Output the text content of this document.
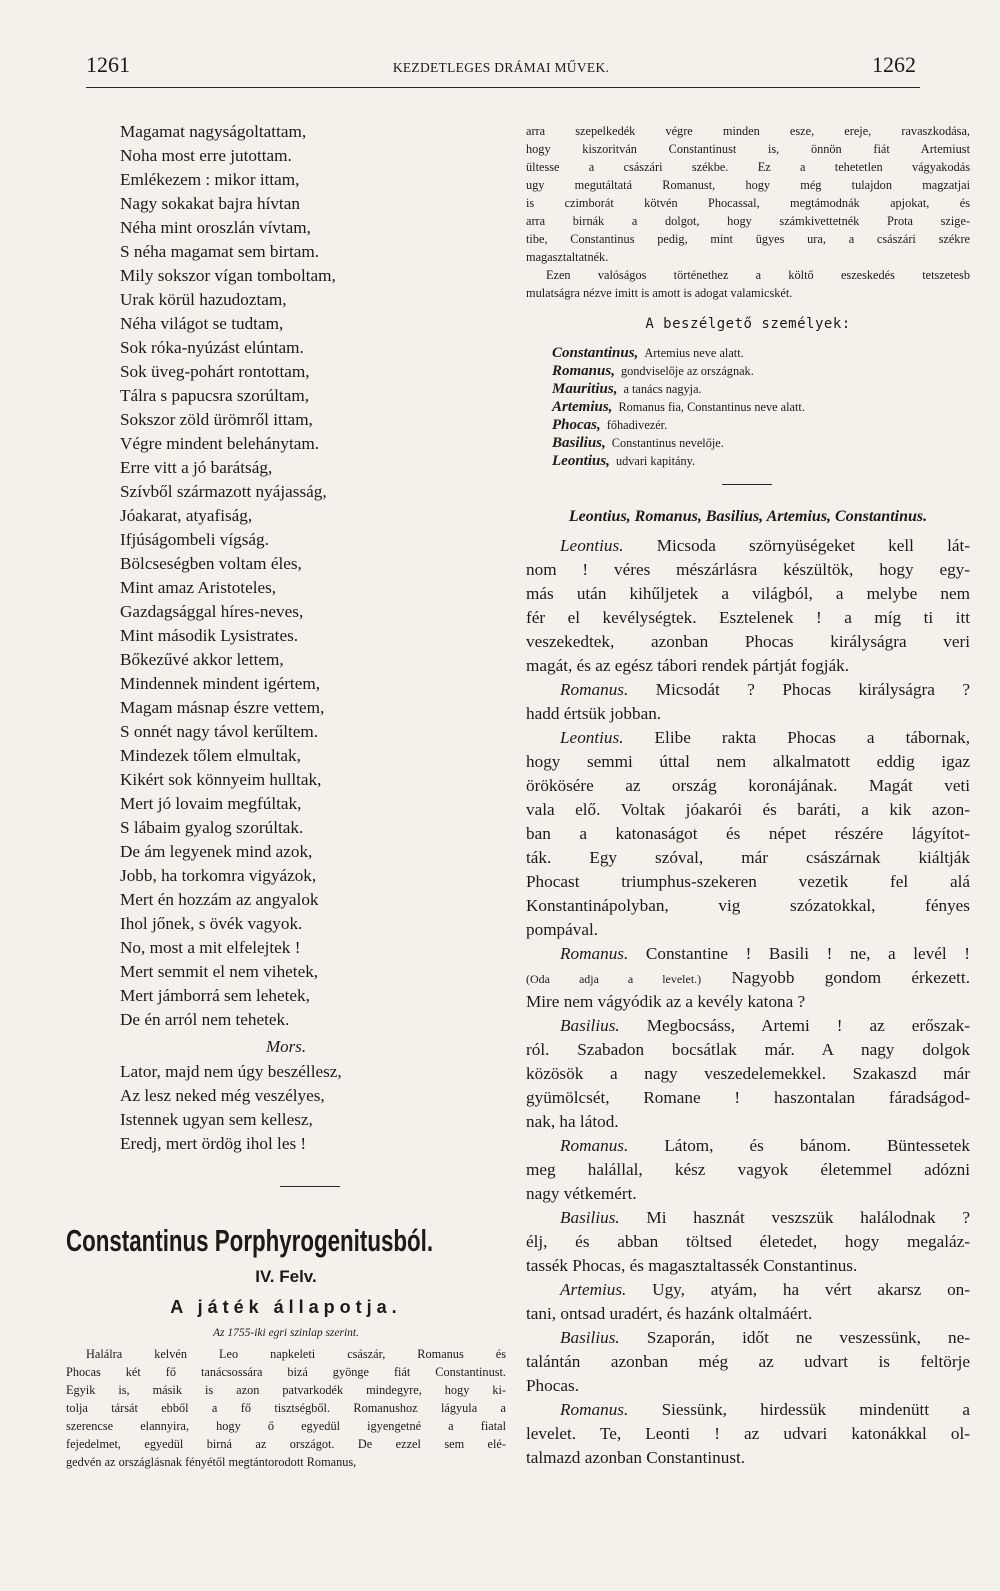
1261	KEZDETLEGES DRÁMAI MŰVEK.	1262
Magamat nagyságoltattam,
Noha most erre jutottam.
Emlékezem : mikor ittam,
Nagy sokakat bajra hívtan
Néha mint oroszlán vívtam,
S néha magamat sem birtam.
Mily sokszor vígan tomboltam,
Urak körül hazudoztam,
Néha világot se tudtam,
Sok róka-nyúzást elúntam.
Sok üveg-pohárt rontottam,
Tálra s papucsra szorúltam,
Sokszor zöld ürömről ittam,
Végre mindent belehánytam.
Erre vitt a jó barátság,
Szívből származott nyájasság,
Jóakarat, atyafiság,
Ifjúságombeli vígság.
Bölcseségben voltam éles,
Mint amaz Aristoteles,
Gazdagsággal híres-neves,
Mint második Lysistrates.
Bőkezűvé akkor lettem,
Mindennek mindent igértem,
Magam másnap észre vettem,
S onnét nagy távol kerűltem.
Mindezek tőlem elmultak,
Kikért sok könnyeim hulltak,
Mert jó lovaim megfúltak,
S lábaim gyalog szorúltak.
De ám legyenek mind azok,
Jobb, ha torkomra vigyázok,
Mert én hozzám az angyalok
Ihol jőnek, s övék vagyok.
No, most a mit elfelejtek !
Mert semmit el nem vihetek,
Mert jámborrá sem lehetek,
De én arról nem tehetek.
Mors.
Lator, majd nem úgy beszéllesz,
Az lesz neked még veszélyes,
Istennek ugyan sem kellesz,
Eredj, mert ördög ihol les !
Constantinus Porphyrogenitusból.
IV. Felv.
A játék állapotja.
Az 1755-iki egri szinlap szerint.
Halálra kelvén Leo napkeleti császár, Romanus és
Phocas két fő tanácsossára bizá gyönge fiát Constantinust.
Egyik is, másik is azon patvarkodék mindegyre, hogy ki-
tolja társát ebből a fő tisztségből. Romanushoz lágyula a
szerencse elannyira, hogy ő egyedül igyengetné a fiatal
fejedelmet, egyedül birná az országot. De ezzel sem elé-
gedvén az országlásnak fényétől megtántorodott Romanus,
arra szepelkedék végre minden esze, ereje, ravaszkodása,
hogy kiszoritván Constantinust is, önnön fiát Artemiust
ültesse a császári székbe. Ez a tehetetlen vágyakodás
ugy megutáltatá Romanust, hogy még tulajdon magzatjai
is czimborát kötvén Phocassal, megtámodnák apjokat, és
arra birnák a dolgot, hogy számkivettetnék Prota szige-
tibe, Constantinus pedig, mint ügyes ura, a császári székre
magasztaltatnék.
Ezen valóságos történethez a költő eszeskedés tetszetesb
mulatságra nézve imitt is amott is adogat valamicskét.
A beszélgető személyek:
Constantinus, Artemius neve alatt.
Romanus, gondviselője az országnak.
Mauritius, a tanács nagyja.
Artemius, Romanus fia, Constantinus neve alatt.
Phocas, főhadivezér.
Basilius, Constantinus nevelője.
Leontius, udvari kapitány.
Leontius, Romanus, Basilius, Artemius, Constantinus.
Leontius. Micsoda szörnyüségeket kell lát-
nom ! véres mészárlásra készültök, hogy egy-
más után kihűljetek a világból, a melybe nem
fér el kevélységtek. Esztelenek ! a míg ti itt
veszekedtek, azonban Phocas királyságra veri
magát, és az egész tábori rendek pártját fogják.
Romanus. Micsodát ? Phocas királyságra ?
hadd értsük jobban.
Leontius. Elibe rakta Phocas a tábornak,
hogy semmi úttal nem alkalmatott eddig igaz
örökösére az ország koronájának. Magát veti
vala elő. Voltak jóakarói és baráti, a kik azon-
ban a katonaságot és népet részére lágyítot-
ták. Egy szóval, már császárnak kiáltják
Phocast triumphus-szekeren vezetik fel alá
Konstantinápolyban, vig szózatokkal, fényes
pompával.
Romanus. Constantine ! Basili ! ne, a levél !
(Oda adja a levelet.) Nagyobb gondom érkezett.
Mire nem vágyódik az a kevély katona ?
Basilius. Megbocsáss, Artemi ! az erőszak-
ról. Szabadon bocsátlak már. A nagy dolgok
közösök a nagy veszedelemekkel. Szakaszd már
gyümölcsét, Romane ! haszontalan fáradságod-
nak, ha látod.
Romanus. Látom, és bánom. Büntessetek
meg halállal, kész vagyok életemmel adózni
nagy vétkemért.
Basilius. Mi hasznát veszszük halálodnak ?
élj, és abban töltsed életedet, hogy megaláz-
tassék Phocas, és magasztaltassék Constantinus.
Artemius. Ugy, atyám, ha vért akarsz on-
tani, ontsad uradért, és hazánk oltalmáért.
Basilius. Szaporán, időt ne veszessünk, ne-
talántán azonban még az udvart is feltörje
Phocas.
Romanus. Siessünk, hirdessük mindenütt a
levelet. Te, Leonti ! az udvari katonákkal ol-
talmazd azonban Constantinust.
